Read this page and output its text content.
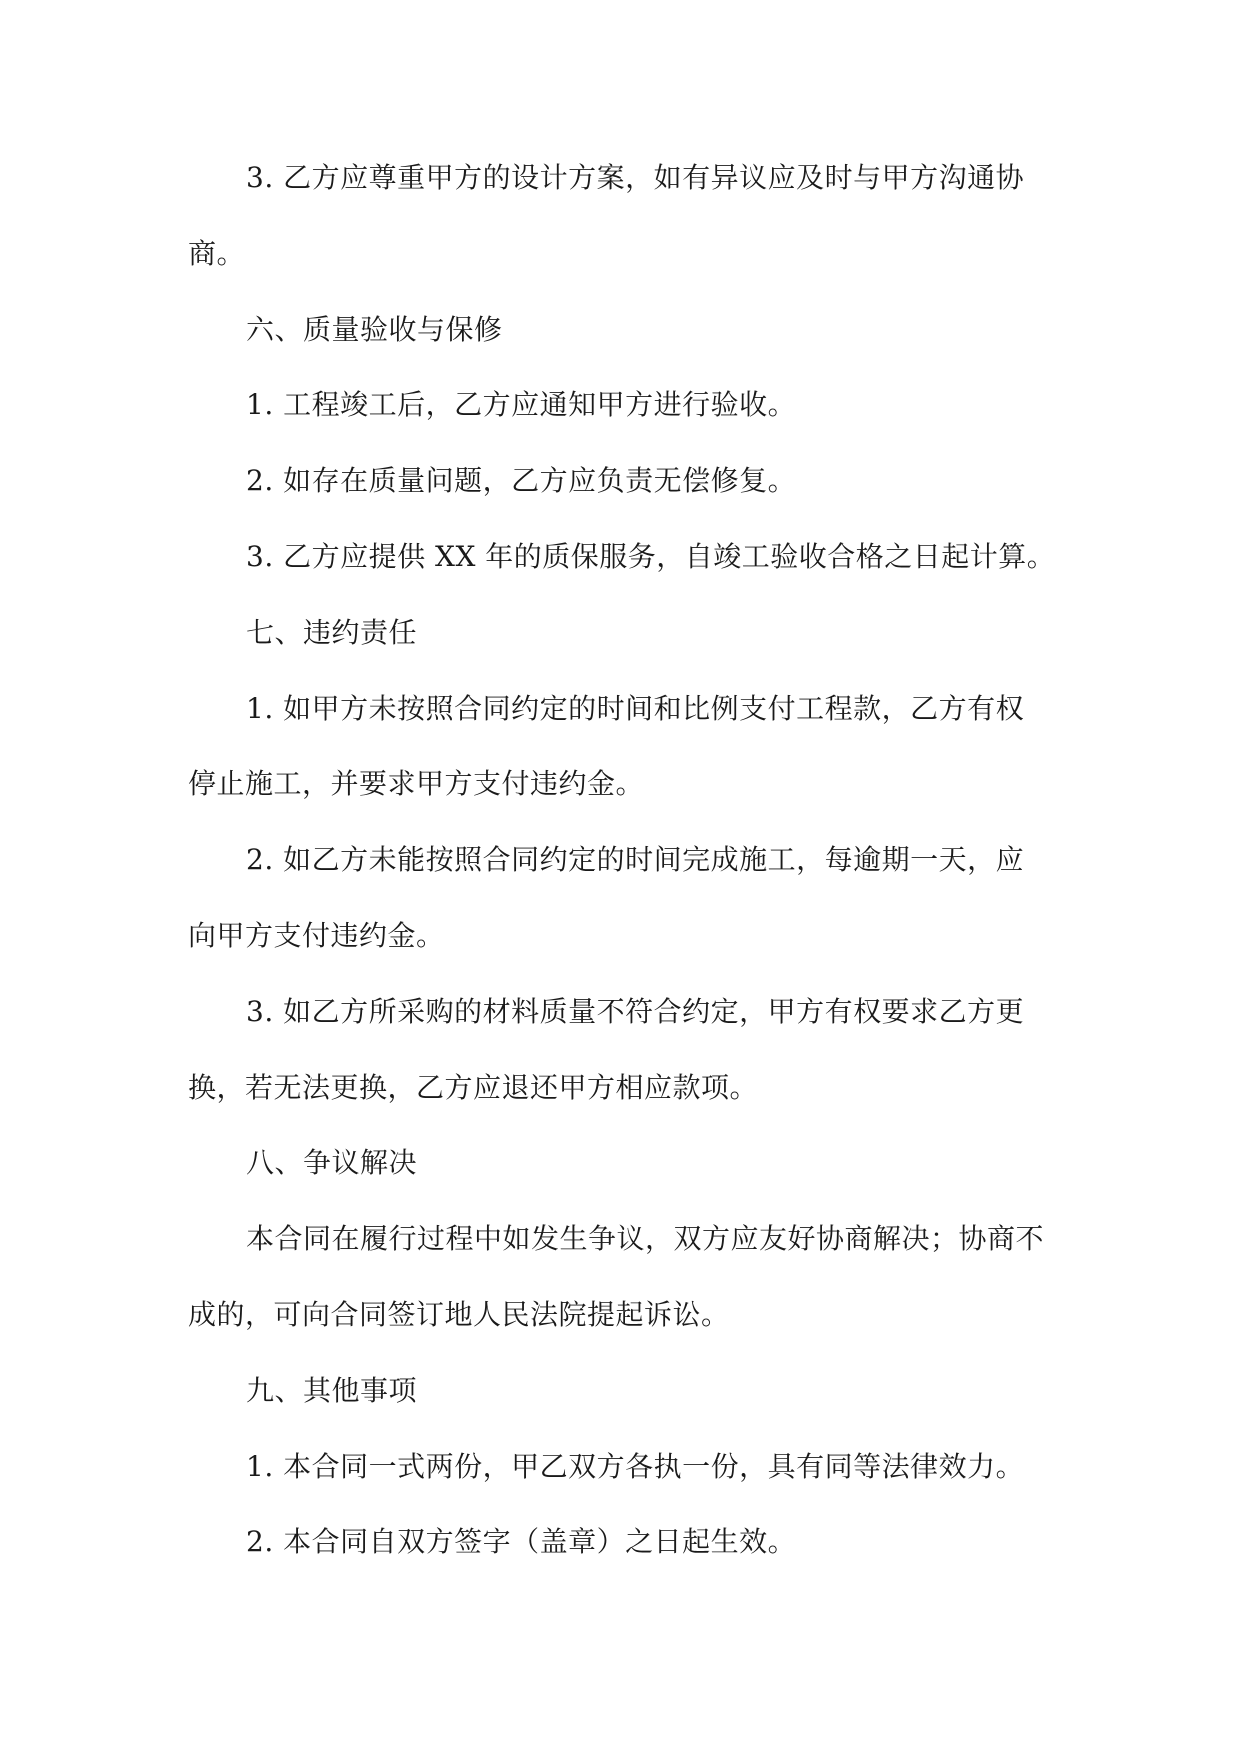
3. 乙方应尊重甲方的设计方案，如有异议应及时与甲方沟通协
商。
六、质量验收与保修
1. 工程竣工后，乙方应通知甲方进行验收。
2. 如存在质量问题，乙方应负责无偿修复。
3. 乙方应提供 XX 年的质保服务，自竣工验收合格之日起计算。
七、违约责任
1. 如甲方未按照合同约定的时间和比例支付工程款，乙方有权
停止施工，并要求甲方支付违约金。
2. 如乙方未能按照合同约定的时间完成施工，每逾期一天，应
向甲方支付违约金。
3. 如乙方所采购的材料质量不符合约定，甲方有权要求乙方更
换，若无法更换，乙方应退还甲方相应款项。
八、争议解决
本合同在履行过程中如发生争议，双方应友好协商解决；协商不
成的，可向合同签订地人民法院提起诉讼。
九、其他事项
1. 本合同一式两份，甲乙双方各执一份，具有同等法律效力。
2. 本合同自双方签字（盖章）之日起生效。
